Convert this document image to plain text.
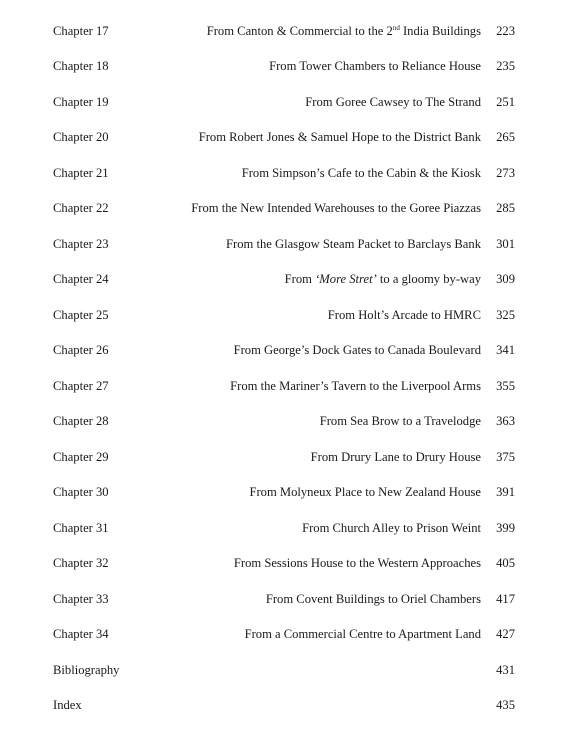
Chapter 17	From Canton & Commercial to the 2nd India Buildings 223
Chapter 18	From Tower Chambers to Reliance House 235
Chapter 19	From Goree Cawsey to The Strand 251
Chapter 20	From Robert Jones & Samuel Hope to the District Bank 265
Chapter 21	From Simpson’s Cafe to the Cabin & the Kiosk 273
Chapter 22	From the New Intended Warehouses to the Goree Piazzas 285
Chapter 23	From the Glasgow Steam Packet to Barclays Bank 301
Chapter 24	From ‘More Stret’ to a gloomy by-way 309
Chapter 25	From Holt’s Arcade to HMRC 325
Chapter 26	From George’s Dock Gates to Canada Boulevard 341
Chapter 27	From the Mariner’s Tavern to the Liverpool Arms 355
Chapter 28	From Sea Brow to a Travelodge 363
Chapter 29	From Drury Lane to Drury House 375
Chapter 30	From Molyneux Place to New Zealand House 391
Chapter 31	From Church Alley to Prison Weint 399
Chapter 32	From Sessions House to the Western Approaches 405
Chapter 33	From Covent Buildings to Oriel Chambers 417
Chapter 34	From a Commercial Centre to Apartment Land 427
Bibliography	431
Index	435
